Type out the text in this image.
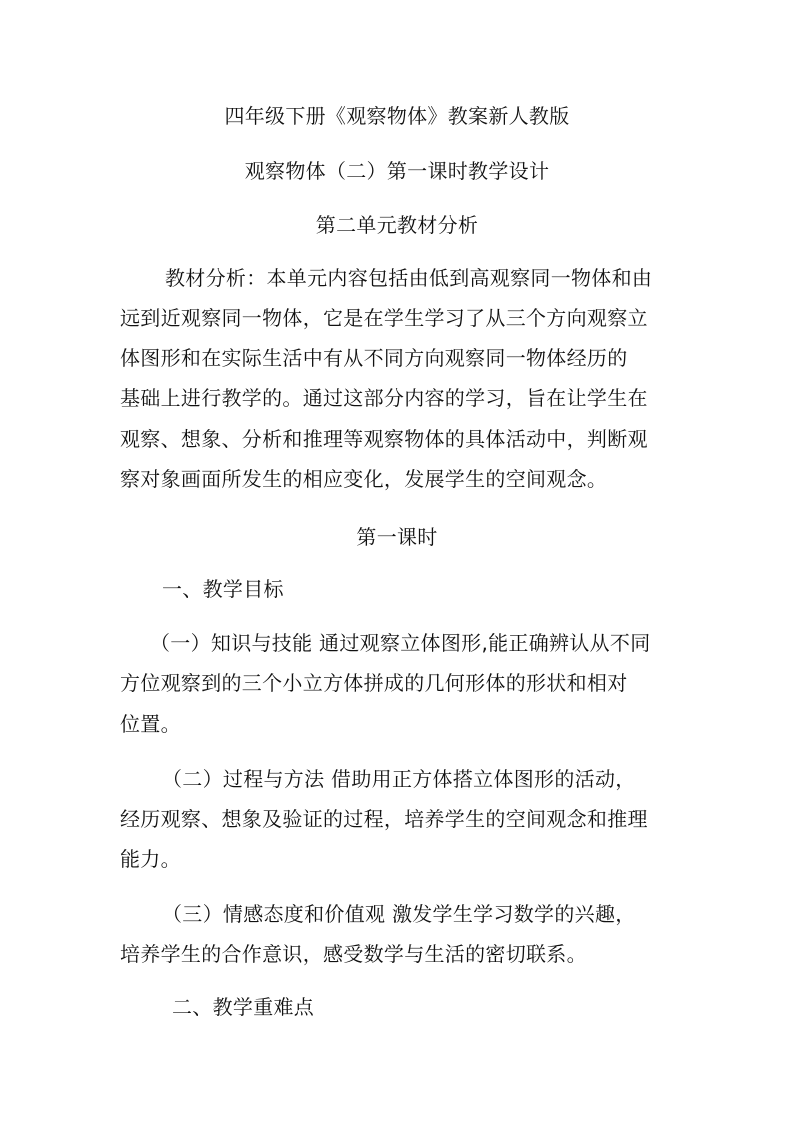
四年级下册《观察物体》教案新人教版
观察物体（二）第一课时教学设计
第二单元教材分析
教材分析：本单元内容包括由低到高观察同一物体和由
远到近观察同一物体，它是在学生学习了从三个方向观察立
体图形和在实际生活中有从不同方向观察同一物体经历的
基础上进行教学的。通过这部分内容的学习，旨在让学生在
观察、想象、分析和推理等观察物体的具体活动中，判断观
察对象画面所发生的相应变化，发展学生的空间观念。
第一课时
一、教学目标
（一）知识与技能 通过观察立体图形,能正确辨认从不同
方位观察到的三个小立方体拼成的几何形体的形状和相对
位置。
（二）过程与方法 借助用正方体搭立体图形的活动，
经历观察、想象及验证的过程，培养学生的空间观念和推理
能力。
（三）情感态度和价值观 激发学生学习数学的兴趣，
培养学生的合作意识，感受数学与生活的密切联系。
二、教学重难点
